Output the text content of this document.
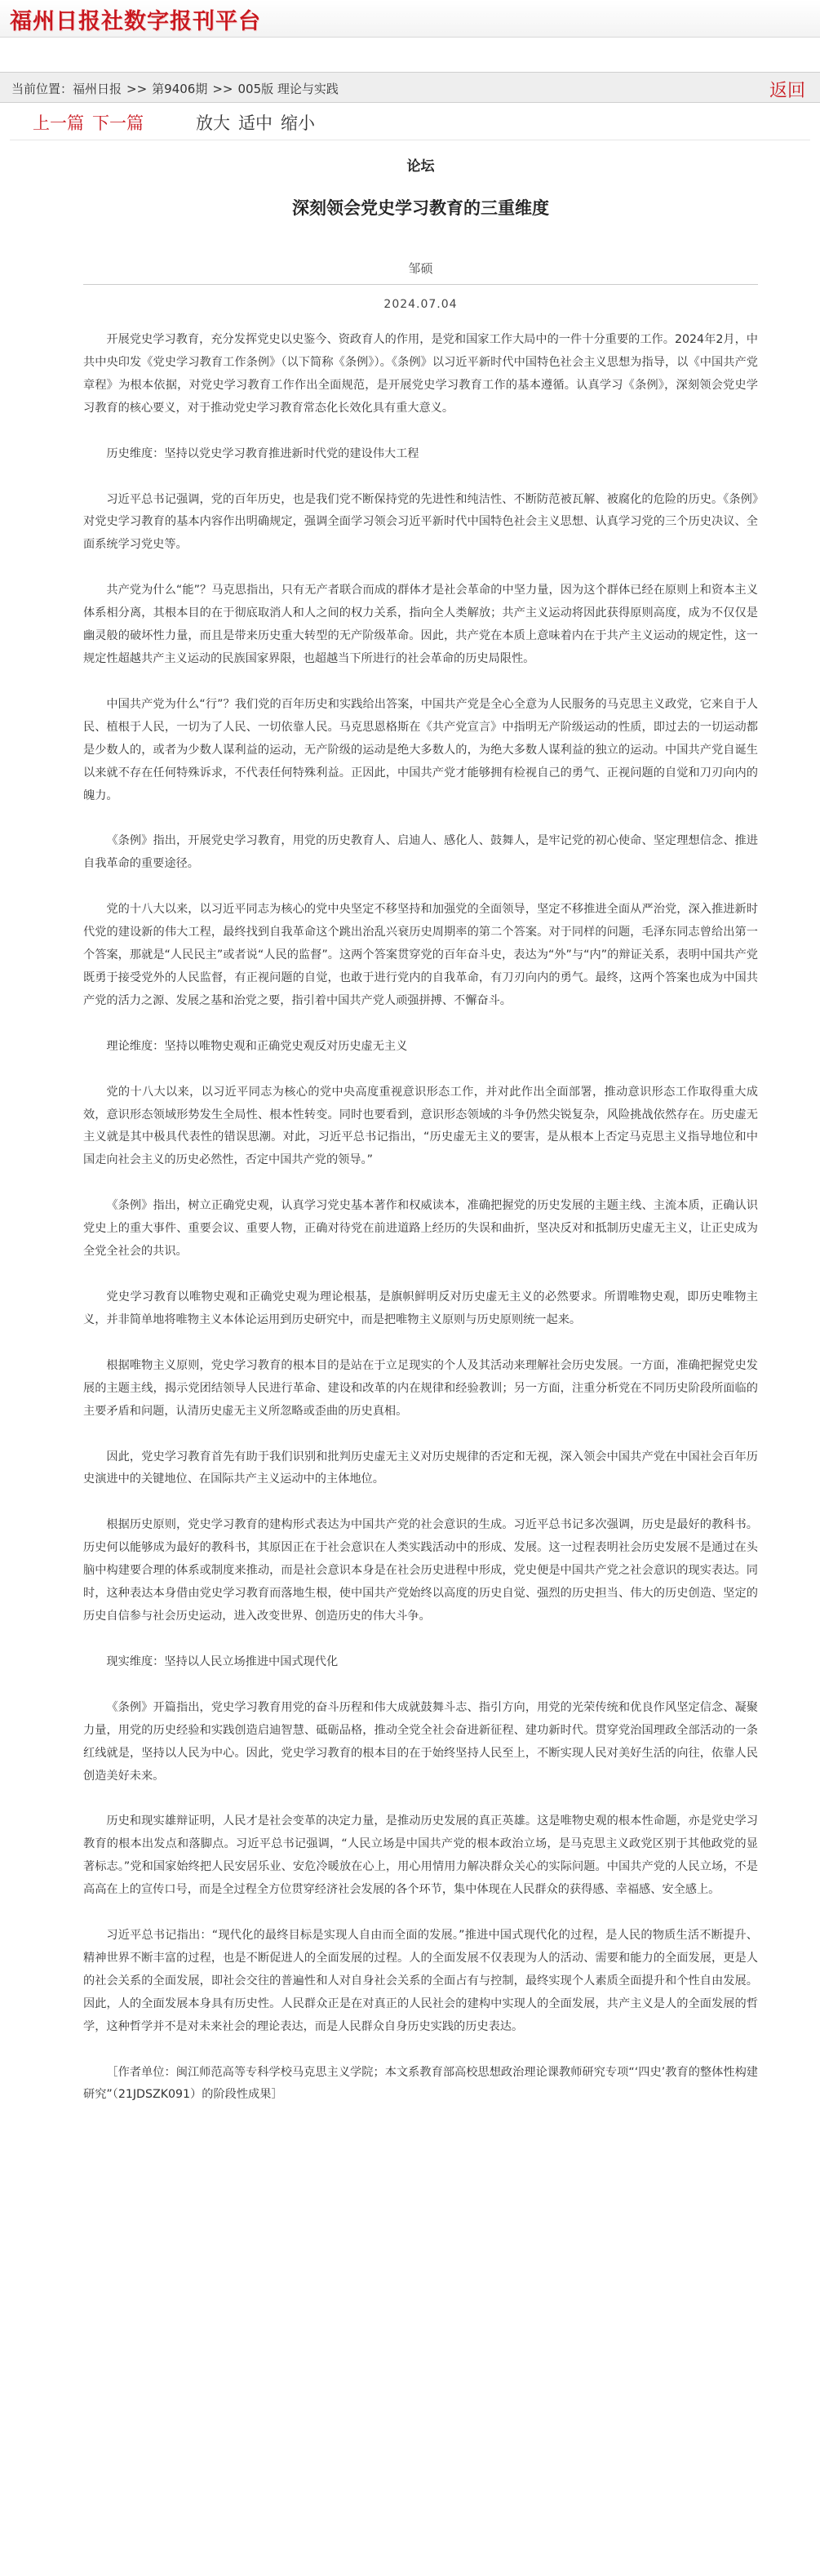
福州日报社数字报刊平台
当前位置：福州日报 >> 第9406期 >> 005版 理论与实践	返回
上一篇 下一篇	放大 适中 缩小
论坛
深刻领会党史学习教育的三重维度
邹硕
2024.07.04

开展党史学习教育，充分发挥党史以史鉴今、资政育人的作用，是党和国家工作大局中的一件十分重要的工作。2024年2月，中共中央印发《党史学习教育工作条例》（以下简称《条例》）。《条例》以习近平新时代中国特色社会主义思想为指导，以《中国共产党章程》为根本依据，对党史学习教育工作作出全面规范，是开展党史学习教育工作的基本遵循。认真学习《条例》，深刻领会党史学习教育的核心要义，对于推动党史学习教育常态化长效化具有重大意义。

历史维度：坚持以党史学习教育推进新时代党的建设伟大工程

习近平总书记强调，党的百年历史，也是我们党不断保持党的先进性和纯洁性、不断防范被瓦解、被腐化的危险的历史。《条例》对党史学习教育的基本内容作出明确规定，强调全面学习领会习近平新时代中国特色社会主义思想、认真学习党的三个历史决议、全面系统学习党史等。

共产党为什么“能”？马克思指出，只有无产者联合而成的群体才是社会革命的中坚力量，因为这个群体已经在原则上和资本主义体系相分离，其根本目的在于彻底取消人和人之间的权力关系，指向全人类解放；共产主义运动将因此获得原则高度，成为不仅仅是幽灵般的破坏性力量，而且是带来历史重大转型的无产阶级革命。因此，共产党在本质上意味着内在于共产主义运动的规定性，这一规定性超越共产主义运动的民族国家界限，也超越当下所进行的社会革命的历史局限性。

中国共产党为什么“行”？我们党的百年历史和实践给出答案，中国共产党是全心全意为人民服务的马克思主义政党，它来自于人民、植根于人民，一切为了人民、一切依靠人民。马克思恩格斯在《共产党宣言》中指明无产阶级运动的性质，即过去的一切运动都是少数人的，或者为少数人谋利益的运动，无产阶级的运动是绝大多数人的，为绝大多数人谋利益的独立的运动。中国共产党自诞生以来就不存在任何特殊诉求，不代表任何特殊利益。正因此，中国共产党才能够拥有检视自己的勇气、正视问题的自觉和刀刃向内的魄力。

《条例》指出，开展党史学习教育，用党的历史教育人、启迪人、感化人、鼓舞人，是牢记党的初心使命、坚定理想信念、推进自我革命的重要途径。

党的十八大以来，以习近平同志为核心的党中央坚定不移坚持和加强党的全面领导，坚定不移推进全面从严治党，深入推进新时代党的建设新的伟大工程，最终找到自我革命这个跳出治乱兴衰历史周期率的第二个答案。对于同样的问题，毛泽东同志曾给出第一个答案，那就是“人民民主”或者说“人民的监督”。这两个答案贯穿党的百年奋斗史，表达为“外”与“内”的辩证关系，表明中国共产党既勇于接受党外的人民监督，有正视问题的自觉，也敢于进行党内的自我革命，有刀刃向内的勇气。最终，这两个答案也成为中国共产党的活力之源、发展之基和治党之要，指引着中国共产党人顽强拼搏、不懈奋斗。

理论维度：坚持以唯物史观和正确党史观反对历史虚无主义

党的十八大以来，以习近平同志为核心的党中央高度重视意识形态工作，并对此作出全面部署，推动意识形态工作取得重大成效，意识形态领域形势发生全局性、根本性转变。同时也要看到，意识形态领域的斗争仍然尖锐复杂，风险挑战依然存在。历史虚无主义就是其中极具代表性的错误思潮。对此，习近平总书记指出，“历史虚无主义的要害，是从根本上否定马克思主义指导地位和中国走向社会主义的历史必然性，否定中国共产党的领导。”

《条例》指出，树立正确党史观，认真学习党史基本著作和权威读本，准确把握党的历史发展的主题主线、主流本质，正确认识党史上的重大事件、重要会议、重要人物，正确对待党在前进道路上经历的失误和曲折，坚决反对和抵制历史虚无主义，让正史成为全党全社会的共识。

党史学习教育以唯物史观和正确党史观为理论根基，是旗帜鲜明反对历史虚无主义的必然要求。所谓唯物史观，即历史唯物主义，并非简单地将唯物主义本体论运用到历史研究中，而是把唯物主义原则与历史原则统一起来。

根据唯物主义原则，党史学习教育的根本目的是站在于立足现实的个人及其活动来理解社会历史发展。一方面，准确把握党史发展的主题主线，揭示党团结领导人民进行革命、建设和改革的内在规律和经验教训；另一方面，注重分析党在不同历史阶段所面临的主要矛盾和问题，认清历史虚无主义所忽略或歪曲的历史真相。

因此，党史学习教育首先有助于我们识别和批判历史虚无主义对历史规律的否定和无视，深入领会中国共产党在中国社会百年历史演进中的关键地位、在国际共产主义运动中的主体地位。

根据历史原则，党史学习教育的建构形式表达为中国共产党的社会意识的生成。习近平总书记多次强调，历史是最好的教科书。历史何以能够成为最好的教科书，其原因正在于社会意识在人类实践活动中的形成、发展。这一过程表明社会历史发展不是通过在头脑中构建要合理的体系或制度来推动，而是社会意识本身是在社会历史进程中形成，党史便是中国共产党之社会意识的现实表达。同时，这种表达本身借由党史学习教育而落地生根，使中国共产党始终以高度的历史自觉、强烈的历史担当、伟大的历史创造、坚定的历史自信参与社会历史运动，进入改变世界、创造历史的伟大斗争。

现实维度：坚持以人民立场推进中国式现代化

《条例》开篇指出，党史学习教育用党的奋斗历程和伟大成就鼓舞斗志、指引方向，用党的光荣传统和优良作风坚定信念、凝聚力量，用党的历史经验和实践创造启迪智慧、砥砺品格，推动全党全社会奋进新征程、建功新时代。贯穿党治国理政全部活动的一条红线就是，坚持以人民为中心。因此，党史学习教育的根本目的在于始终坚持人民至上，不断实现人民对美好生活的向往，依靠人民创造美好未来。

历史和现实雄辩证明，人民才是社会变革的决定力量，是推动历史发展的真正英雄。这是唯物史观的根本性命题，亦是党史学习教育的根本出发点和落脚点。习近平总书记强调，“人民立场是中国共产党的根本政治立场，是马克思主义政党区别于其他政党的显著标志。”党和国家始终把人民安居乐业、安危冷暖放在心上，用心用情用力解决群众关心的实际问题。中国共产党的人民立场，不是高高在上的宣传口号，而是全过程全方位贯穿经济社会发展的各个环节，集中体现在人民群众的获得感、幸福感、安全感上。

习近平总书记指出：“现代化的最终目标是实现人自由而全面的发展。”推进中国式现代化的过程，是人民的物质生活不断提升、精神世界不断丰富的过程，也是不断促进人的全面发展的过程。人的全面发展不仅表现为人的活动、需要和能力的全面发展，更是人的社会关系的全面发展，即社会交往的普遍性和人对自身社会关系的全面占有与控制，最终实现个人素质全面提升和个性自由发展。因此，人的全面发展本身具有历史性。人民群众正是在对真正的人民社会的建构中实现人的全面发展，共产主义是人的全面发展的哲学，这种哲学并不是对未来社会的理论表达，而是人民群众自身历史实践的历史表达。

［作者单位：闽江师范高等专科学校马克思主义学院；本文系教育部高校思想政治理论课教师研究专项“‘四史’教育的整体性构建研究”（21JDSZK091）的阶段性成果］
